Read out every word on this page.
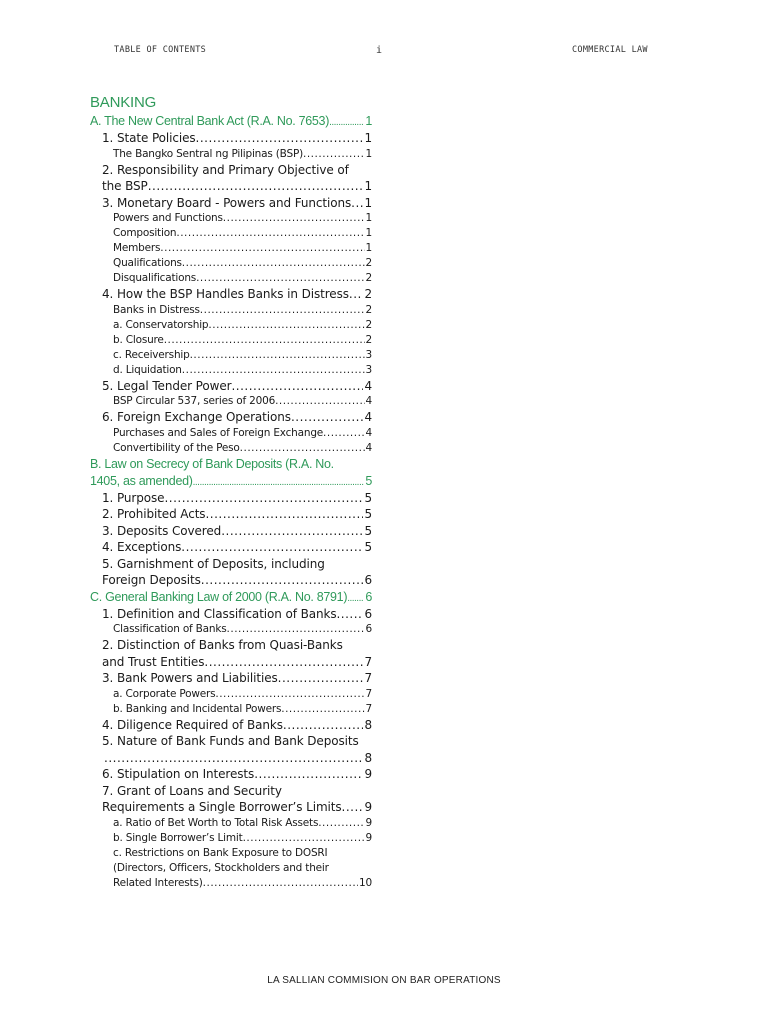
TABLE OF CONTENTS	i	COMMERCIAL LAW
BANKING
A. The New Central Bank Act (R.A. No. 7653) .....	1
1. State Policies .....	1
The Bangko Sentral ng Pilipinas (BSP) .....	1
2. Responsibility and Primary Objective of
the BSP .....	1
3. Monetary Board - Powers and Functions ..... 1
Powers and Functions .....	1
Composition .....	1
Members .....	1
Qualifications .....	2
Disqualifications .....	2
4. How the BSP Handles Banks in Distress ..... 2
Banks in Distress .....	2
a. Conservatorship .....	2
b. Closure .....	2
c. Receivership .....	3
d. Liquidation .....	3
5. Legal Tender Power .....	4
BSP Circular 537, series of 2006 .....	4
6. Foreign Exchange Operations .....	4
Purchases and Sales of Foreign Exchange .....	4
Convertibility of the Peso .....	4
B. Law on Secrecy of Bank Deposits (R.A. No.
1405, as amended) .....	5
1. Purpose .....	5
2. Prohibited Acts .....	5
3. Deposits Covered .....	5
4. Exceptions .....	5
5. Garnishment of Deposits, including
Foreign Deposits .....	6
C. General Banking Law of 2000 (R.A. No. 8791) ..... 6
1. Definition and Classification of Banks ..... 6
Classification of Banks .....	6
2. Distinction of Banks from Quasi-Banks
and Trust Entities .....	7
3. Bank Powers and Liabilities .....	7
a. Corporate Powers .....	7
b. Banking and Incidental Powers .....	7
4. Diligence Required of Banks .....	8
5. Nature of Bank Funds and Bank Deposits
.....
8
6. Stipulation on Interests .....	9
7. Grant of Loans and Security
Requirements a Single Borrower’s Limits ..... 9
a. Ratio of Bet Worth to Total Risk Assets .....	9
b. Single Borrower’s Limit .....	9
c. Restrictions on Bank Exposure to DOSRI
(Directors, Officers, Stockholders and their
Related Interests) .....	10
LA SALLIAN COMMISION ON BAR OPERATIONS
